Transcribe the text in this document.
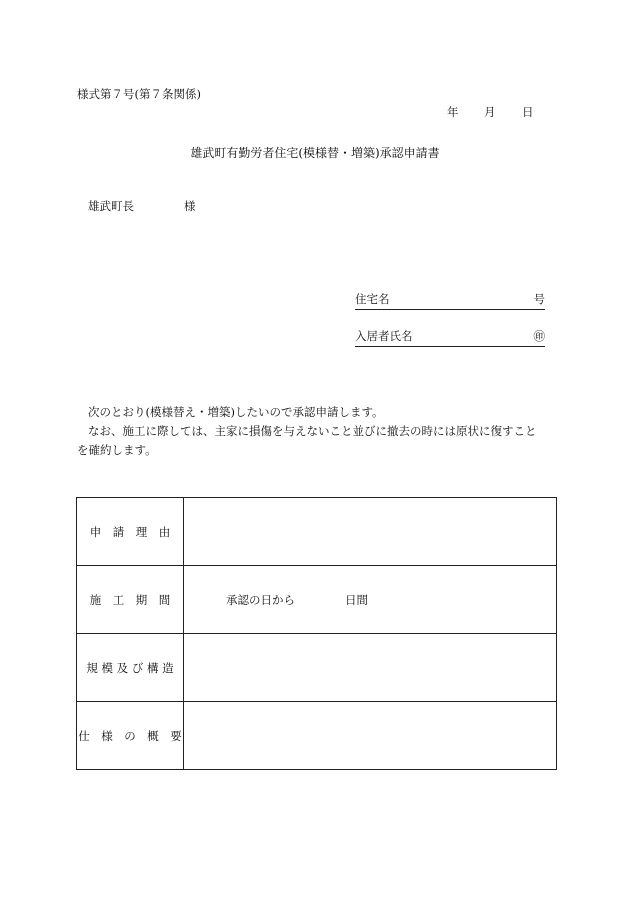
様式第７号(第７条関係)
年 月 日
雄武町有勤労者住宅(模様替・増築)承認申請書
雄武町長	様
住宅名	号
入居者氏名	㊞

次のとおり(模様替え・増築)したいので承認申請します。

なお、施工に際しては、主家に損傷を与えないこと並びに撤去の時には原状に復すこと

を確約します。

申　請　理　由	
施　工　期　間	承認の日から 日間

規 模 及 び 構 造	
仕　様　の　概　要	
